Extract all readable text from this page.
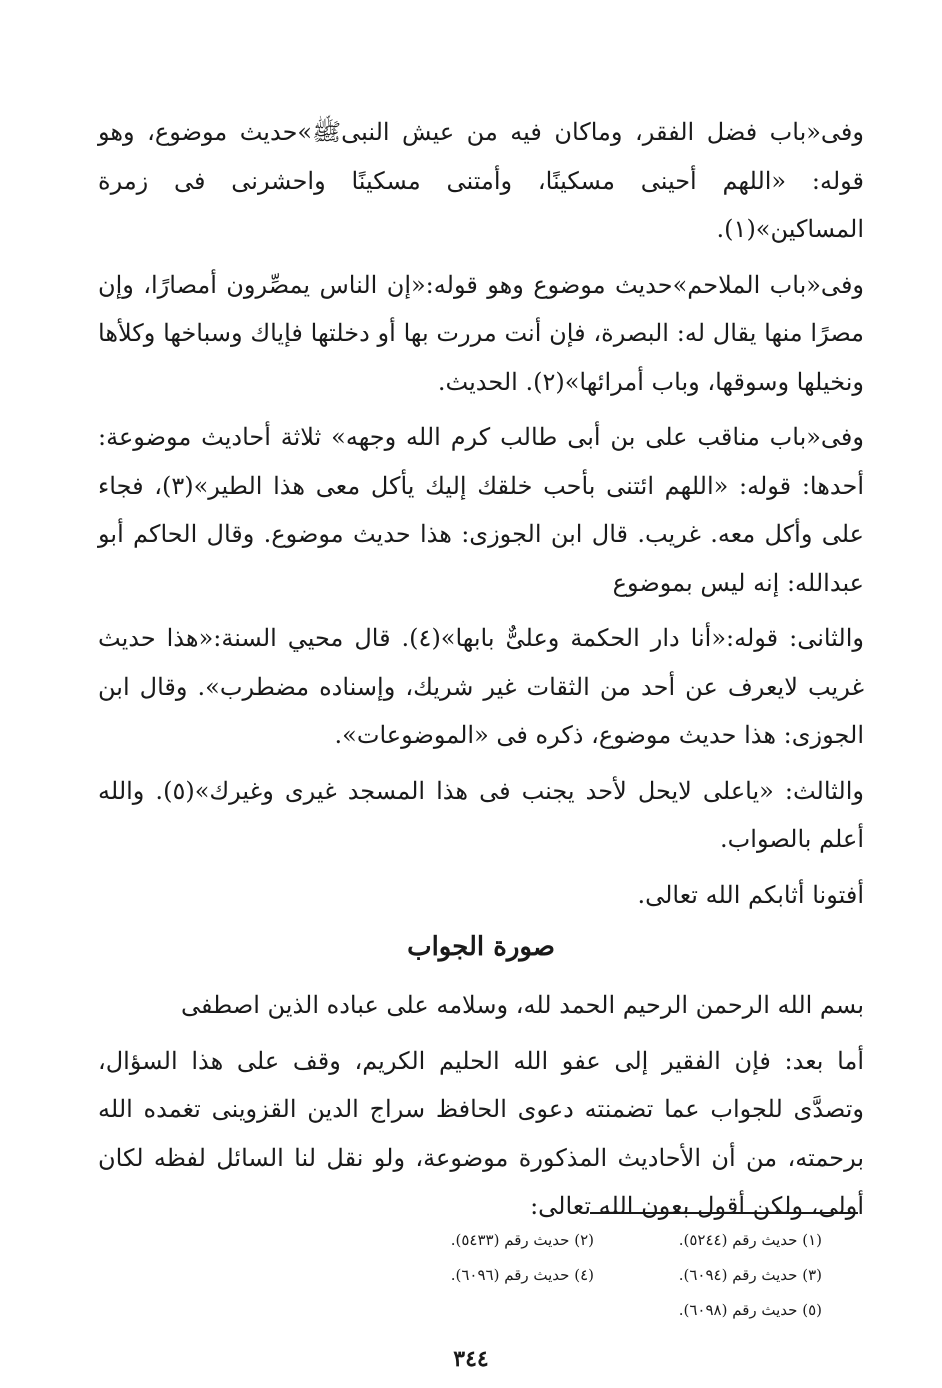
وفى«باب فضل الفقر، وماكان فيه من عيش النبىﷺ»حديث موضوع، وهو قوله: «اللهم أحينى مسكينًا، وأمتنى مسكينًا واحشرنى فى زمرة المساكين»(١).

وفى«باب الملاحم»حديث موضوع وهو قوله:«إن الناس يمصِّرون أمصارًا، وإن مصرًا منها يقال له: البصرة، فإن أنت مررت بها أو دخلتها فإياك وسباخها وكلأها ونخيلها وسوقها، وباب أمرائها»(٢). الحديث.

وفى«باب مناقب على بن أبى طالب كرم الله وجهه» ثلاثة أحاديث موضوعة: أحدها: قوله: «اللهم ائتنى بأحب خلقك إليك يأكل معى هذا الطير»(٣)، فجاء على وأكل معه. غريب. قال ابن الجوزى: هذا حديث موضوع. وقال الحاكم أبو عبدالله: إنه ليس بموضوع

والثانى: قوله:«أنا دار الحكمة وعلىٌّ بابها»(٤). قال محيي السنة:«هذا حديث غريب لايعرف عن أحد من الثقات غير شريك، وإسناده مضطرب». وقال ابن الجوزى: هذا حديث موضوع، ذكره فى «الموضوعات».

والثالث: «ياعلى لايحل لأحد يجنب فى هذا المسجد غيرى وغيرك»(٥). والله أعلم بالصواب.

أفتونا أثابكم الله تعالى.

صورة الجواب

بسم الله الرحمن الرحيم الحمد لله، وسلامه على عباده الذين اصطفى

أما بعد: فإن الفقير إلى عفو الله الحليم الكريم، وقف على هذا السؤال، وتصدَّى للجواب عما تضمنته دعوى الحافظ سراج الدين القزوينى تغمده الله برحمته، من أن الأحاديث المذكورة موضوعة، ولو نقل لنا السائل لفظه لكان أولى، ولكن أقول بعون الله تعالى:

(١) حديث رقم (٥٢٤٤).
(٢) حديث رقم (٥٤٣٣).
(٣) حديث رقم (٦٠٩٤).
(٤) حديث رقم (٦٠٩٦).
(٥) حديث رقم (٦٠٩٨).
٣٤٤
